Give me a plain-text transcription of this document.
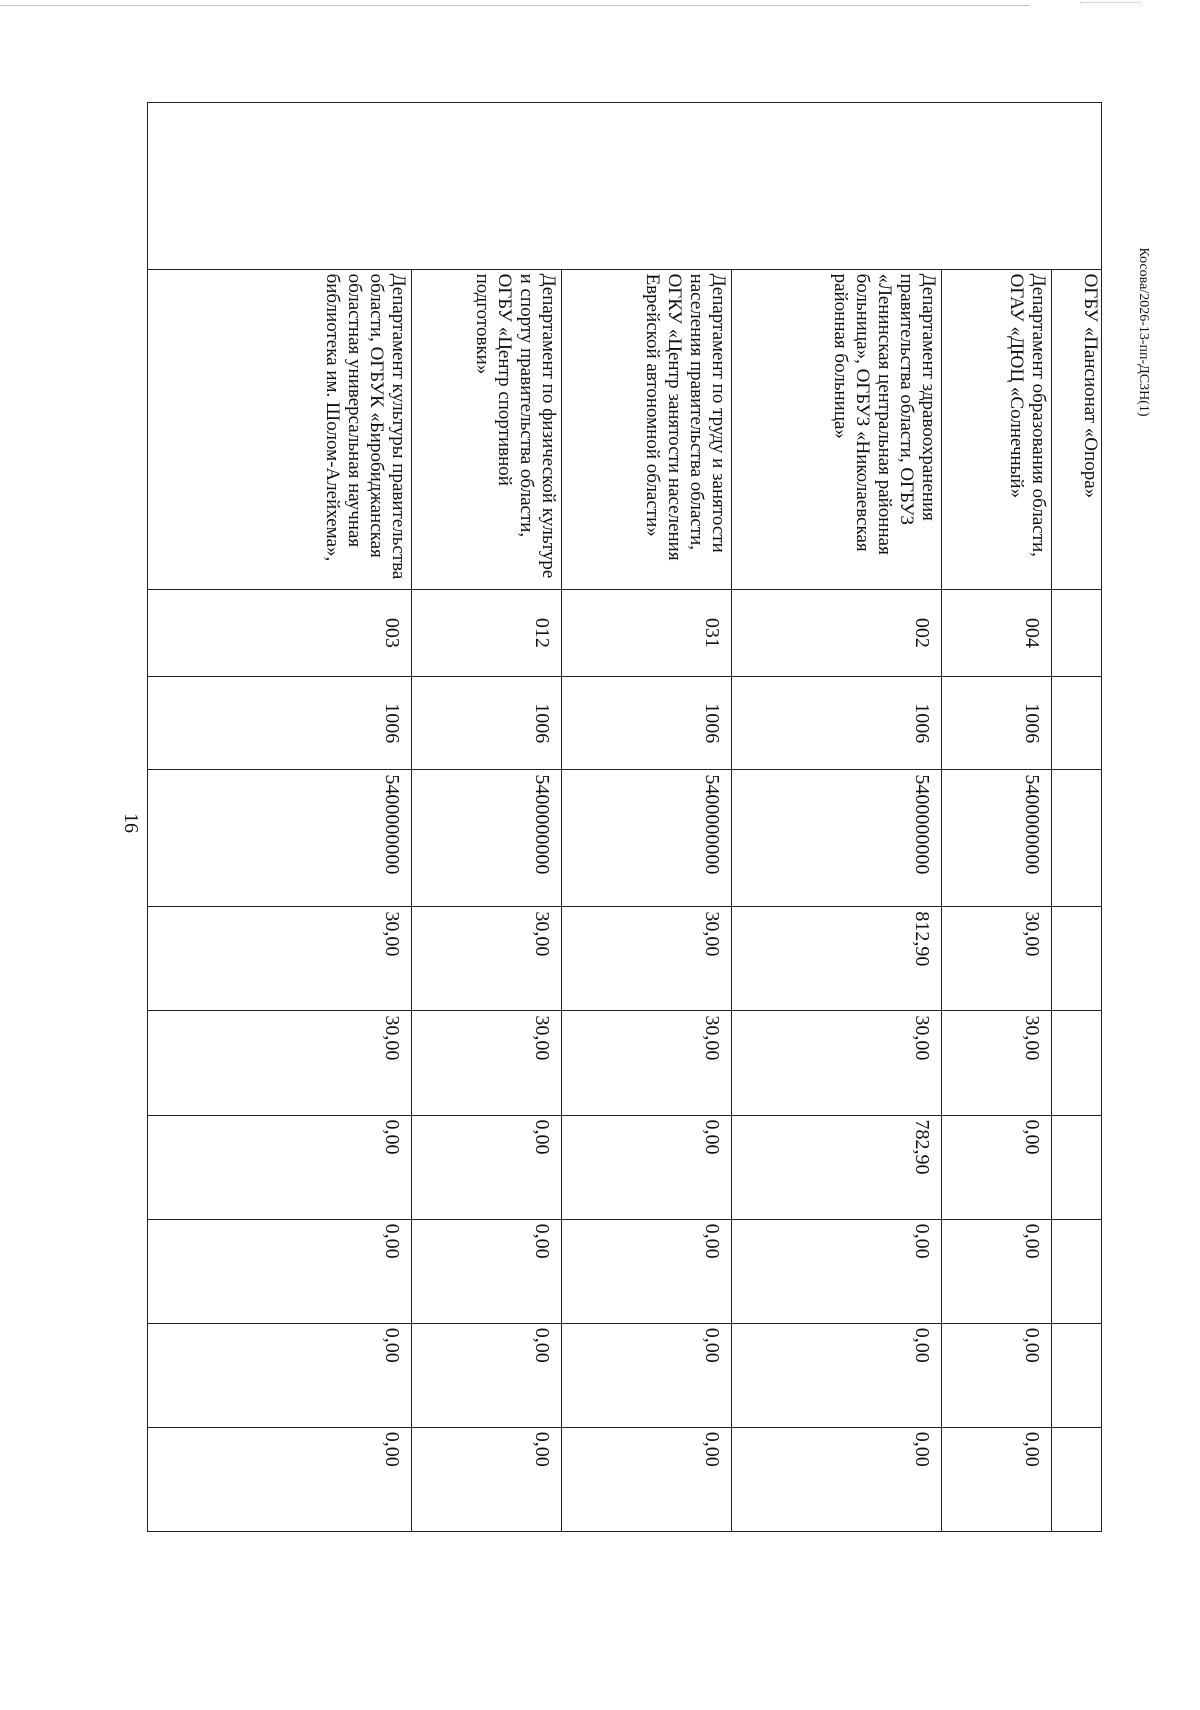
16
Косова/2026-13-пп-ДСЗН(1)
	ОГБУ «Пансионат «Опора»									
	Департамент образования области, ОГАУ «ДЮЦ «Солнечный»	004	1006	5400000000	30,00	30,00	0,00	0,00	0,00	0,00
	Департамент здравоохранения правительства области, ОГБУЗ «Ленинская центральная районная больница», ОГБУЗ «Николаевская районная больница»	002	1006	5400000000	812,90	30,00	782,90	0,00	0,00	0,00
	Департамент по труду и занятости населения правительства области, ОГКУ «Центр занятости населения Еврейской автономной области»	031	1006	5400000000	30,00	30,00	0,00	0,00	0,00	0,00
	Департамент по физической культуре и спорту правительства области, ОГБУ «Центр спортивной подготовки»	012	1006	5400000000	30,00	30,00	0,00	0,00	0,00	0,00
	Департамент культуры правительства области, ОГБУК «Биробиджанская областная универсальная научная библиотека им. Шолом-Алейхема»,	003	1006	5400000000	30,00	30,00	0,00	0,00	0,00	0,00
